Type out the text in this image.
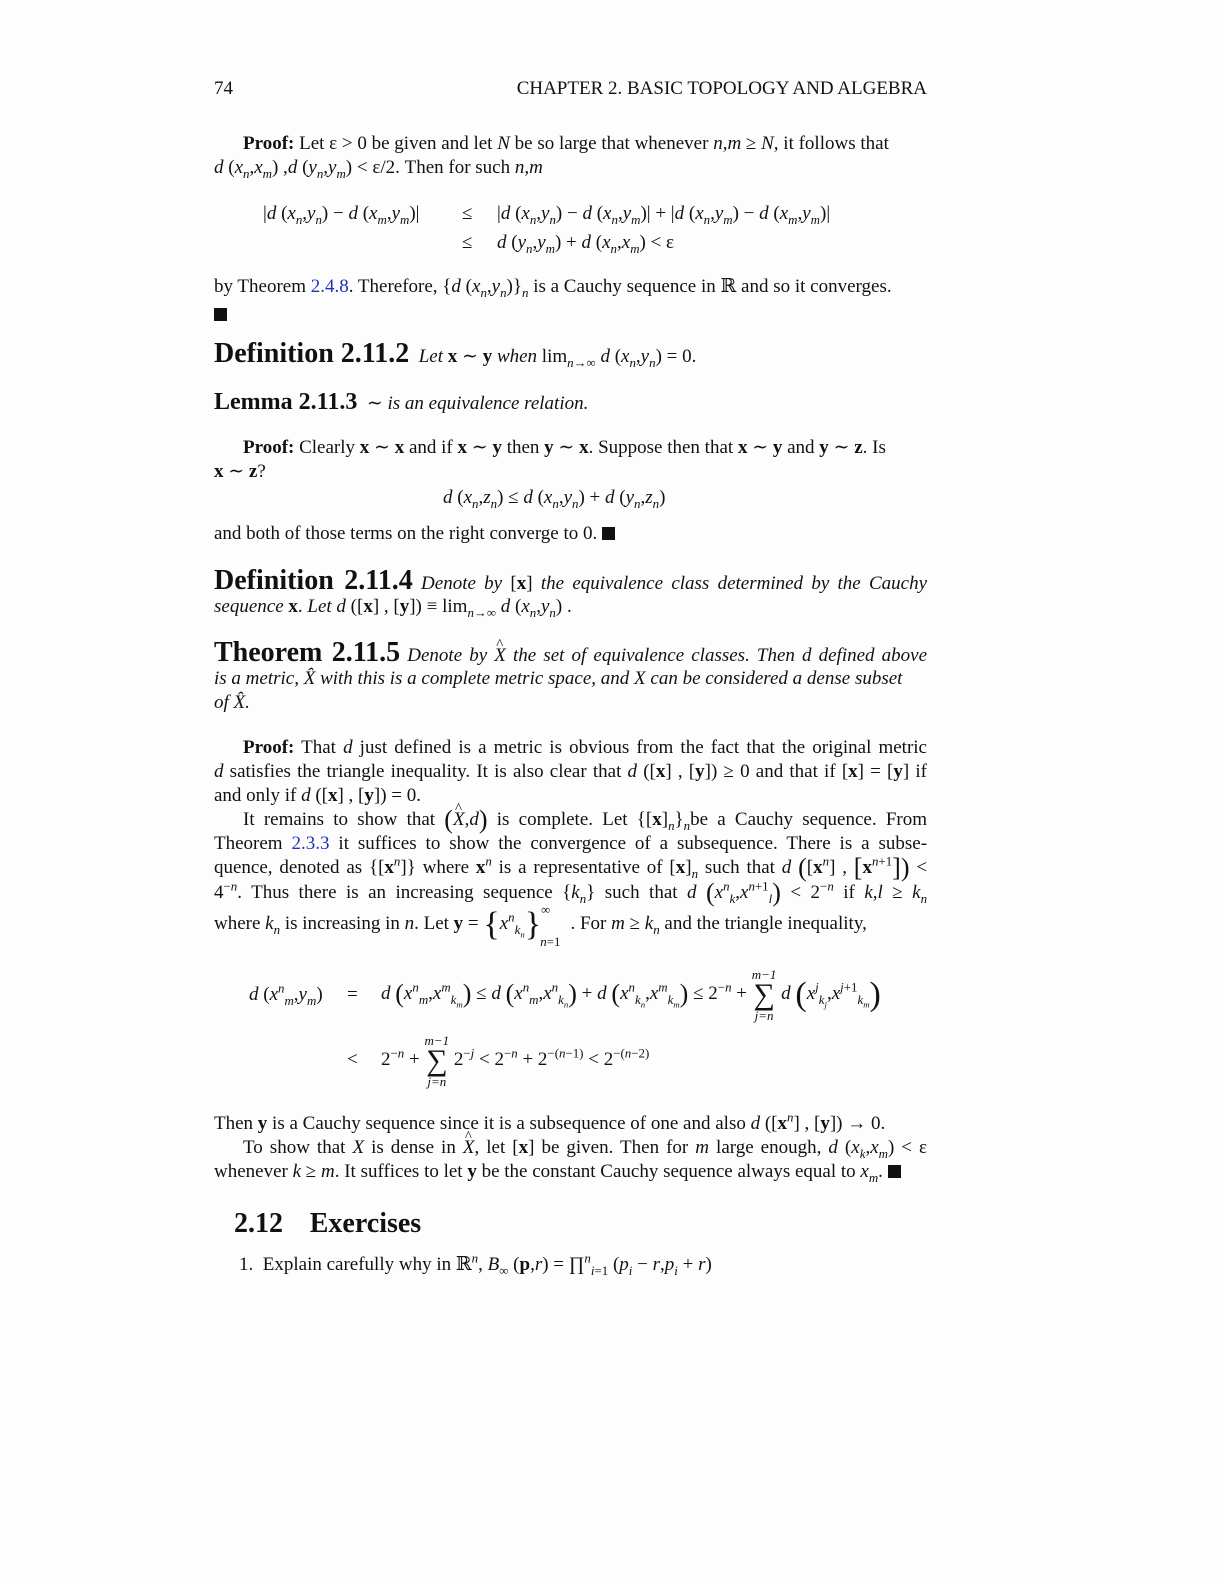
74	CHAPTER 2. BASIC TOPOLOGY AND ALGEBRA
Proof: Let ε > 0 be given and let N be so large that whenever n,m ≥ N, it follows that
d $(x_n,x_m)$ ,d $(y_n,y_m) < \varepsilon/2$. Then for such n,m
|d $(x_n,y_n) - d$ $(x_m,y_m)| \le |d$ $(x_n,y_n) - d$ $(x_n,y_m)| + |d$ $(x_n,y_m) - d$ $(x_m,y_m)|$
≤ d $(y_n,y_m) + d$ $(x_n,x_m) < \varepsilon$
by Theorem 2.4.8. Therefore, {d $(x_n,y_n)\}_n$ is a Cauchy sequence in ℝ and so it converges.
Definition 2.11.2  Let x ∼ y when $\lim_{n\to\infty} d$ $(x_n,y_n) = 0$.
Lemma 2.11.3  ∼ is an equivalence relation.
Proof: Clearly x ∼ x and if x ∼ y then y ∼ x. Suppose then that x ∼ y and y ∼ z. Is
x ∼ z?
d $(x_n,z_n) \le d$ $(x_n,y_n) + d$ $(y_n,z_n)$
and both of those terms on the right converge to 0.
Definition 2.11.4 Denote by [x] the equivalence class determined by the Cauchy
sequence x. Let d ([x] , $[y]) \equiv \lim_{n\to\infty} d$ $(x_n,y_n)$ .
Theorem 2.11.5 Denote by ^ X the set of equivalence classes. Then d defined above
is a metric, X̂ with this is a complete metric space, and X can be considered a dense subset
of X̂.
Proof: That d just defined is a metric is obvious from the fact that the original metric
d satisfies the triangle inequality. It is also clear that d ([x] , [y]) ≥ 0 and that if [x] = [y] if
and only if d ([x] , [y]) = 0.
It remains to show that (^ X,d) is complete. Let $\{[x]_n\}_nbe$ a Cauchy sequence. From
Theorem 2.3.3 it suffices to show the convergence of a subsequence. There is a subse-
quence, denoted as $\{[x^n]\}$ where $x^n$ is a representative of $[x]_n$ such that d ($[x^n]$ , $[x^{n+1}]$) <
$4^{-n}$. Thus there is an increasing sequence $\{k_n\}$ such that d $(x^n_k,x^{n+1}_l) < 2^{-n}$ if $k,l \ge k_n$
where $k_n$ is increasing in n. Let $y = \{x^n_{k_n}\}^\infty_{n=1}$. For $m \ge k_n$ and the triangle inequality,
d $(x^n_m,y_m) = d$ $(x^n_m,x^m_{k_m}) \le d$ $(x^n_m,x^n_{k_n}) + d$ $(x^n_{k_n},x^m_{k_m}) \le 2^{-n}$ +
m−1
∑
j=n
d $(x^j_{k_j},x^{j+1}_{k_m})$
< $2^{-n}$ +
m−1
∑
j=n
$2^{-j} < 2^{-n} + 2^{-(n-1)} < 2^{-(n-2)}$
Then y is a Cauchy sequence since it is a subsequence of one and also d ($[x^n]$ , [y]) → 0.
To show that X is dense in ^ X, let [x] be given. Then for m large enough, d $(x_k,x_m) < \varepsilon$
whenever k ≥ m. It suffices to let y be the constant Cauchy sequence always equal to $x_m$.
2.12 Exercises
1.  Explain carefully why in ℝ$^n$, $B_\infty$ (p,r) = ∏$^n_{i=1}$ $(p_i - r,p_i + r)$
